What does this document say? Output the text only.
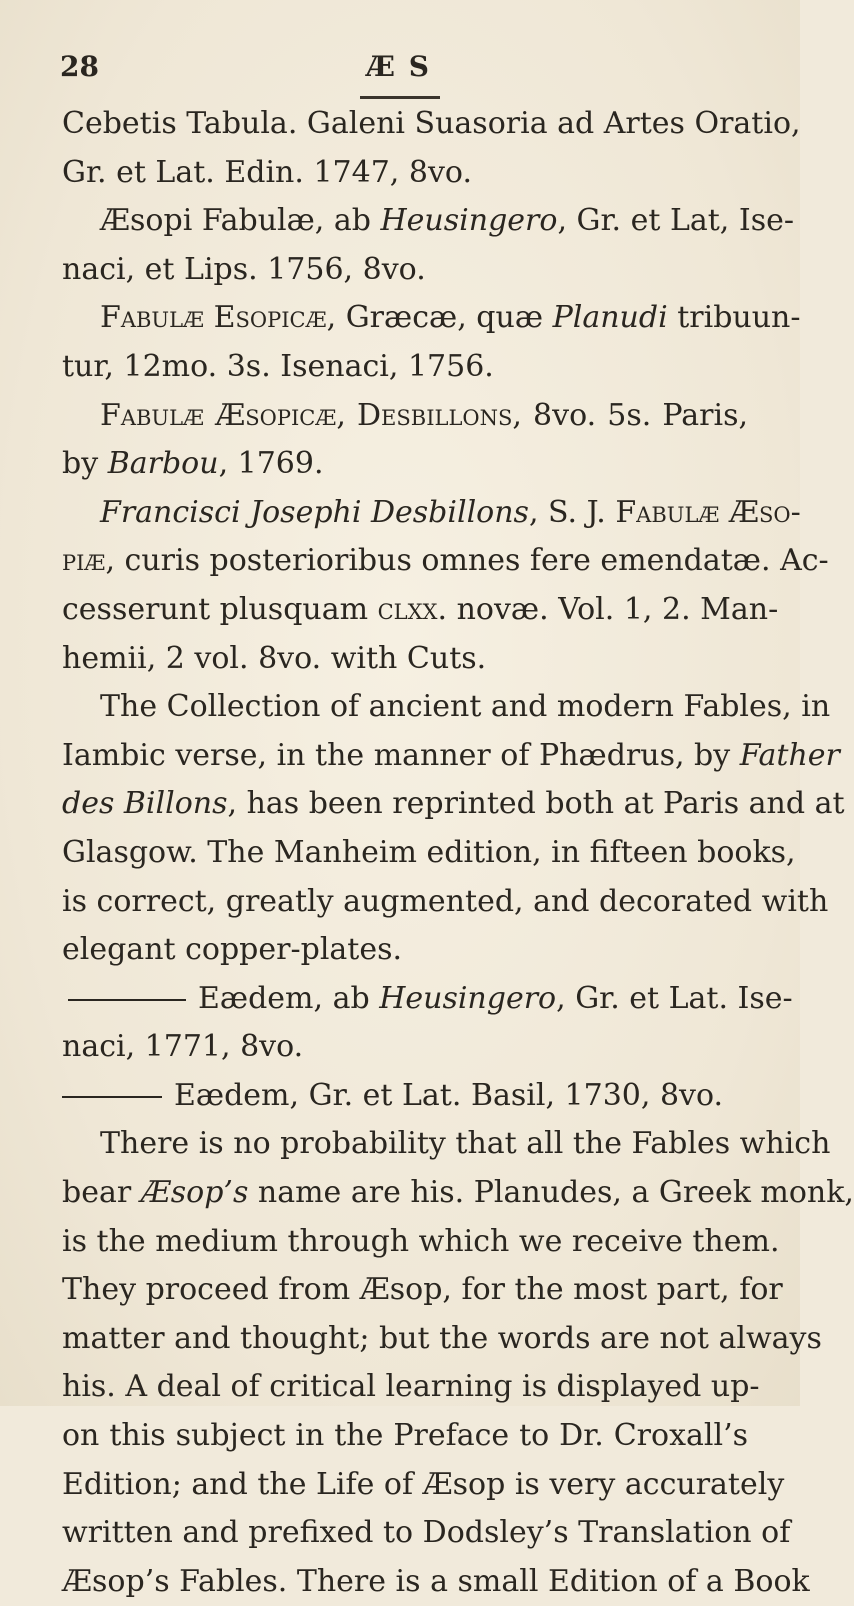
28	Æ S
Cebetis Tabula. Galeni Suasoria ad Artes Oratio,
Gr. et Lat. Edin. 1747, 8vo.
Æsopi Fabulæ, ab Heusingero, Gr. et Lat, Ise-
naci, et Lips. 1756, 8vo.
Fabulæ Esopicæ, Græcæ, quæ Planudi tribuun-
tur, 12mo. 3s. Isenaci, 1756.
Fabulæ Æsopicæ, Desbillons, 8vo. 5s. Paris,
by Barbou, 1769.
Francisci Josephi Desbillons, S. J. Fabulæ Æso-
piæ, curis posterioribus omnes fere emendatæ. Ac-
cesserunt plusquam clxx. novæ. Vol. 1, 2. Man-
hemii, 2 vol. 8vo. with Cuts.
The Collection of ancient and modern Fables, in
Iambic verse, in the manner of Phædrus, by Father
des Billons, has been reprinted both at Paris and at
Glasgow. The Manheim edition, in fifteen books,
is correct, greatly augmented, and decorated with
elegant copper-plates.
Eædem, ab Heusingero, Gr. et Lat. Ise-
naci, 1771, 8vo.
Eædem, Gr. et Lat. Basil, 1730, 8vo.
There is no probability that all the Fables which
bear Æsop’s name are his. Planudes, a Greek monk,
is the medium through which we receive them.
They proceed from Æsop, for the most part, for
matter and thought; but the words are not always
his. A deal of critical learning is displayed up-
on this subject in the Preface to Dr. Croxall’s
Edition; and the Life of Æsop is very accurately
written and prefixed to Dodsley’s Translation of
Æsop’s Fables. There is a small Edition of a Book
